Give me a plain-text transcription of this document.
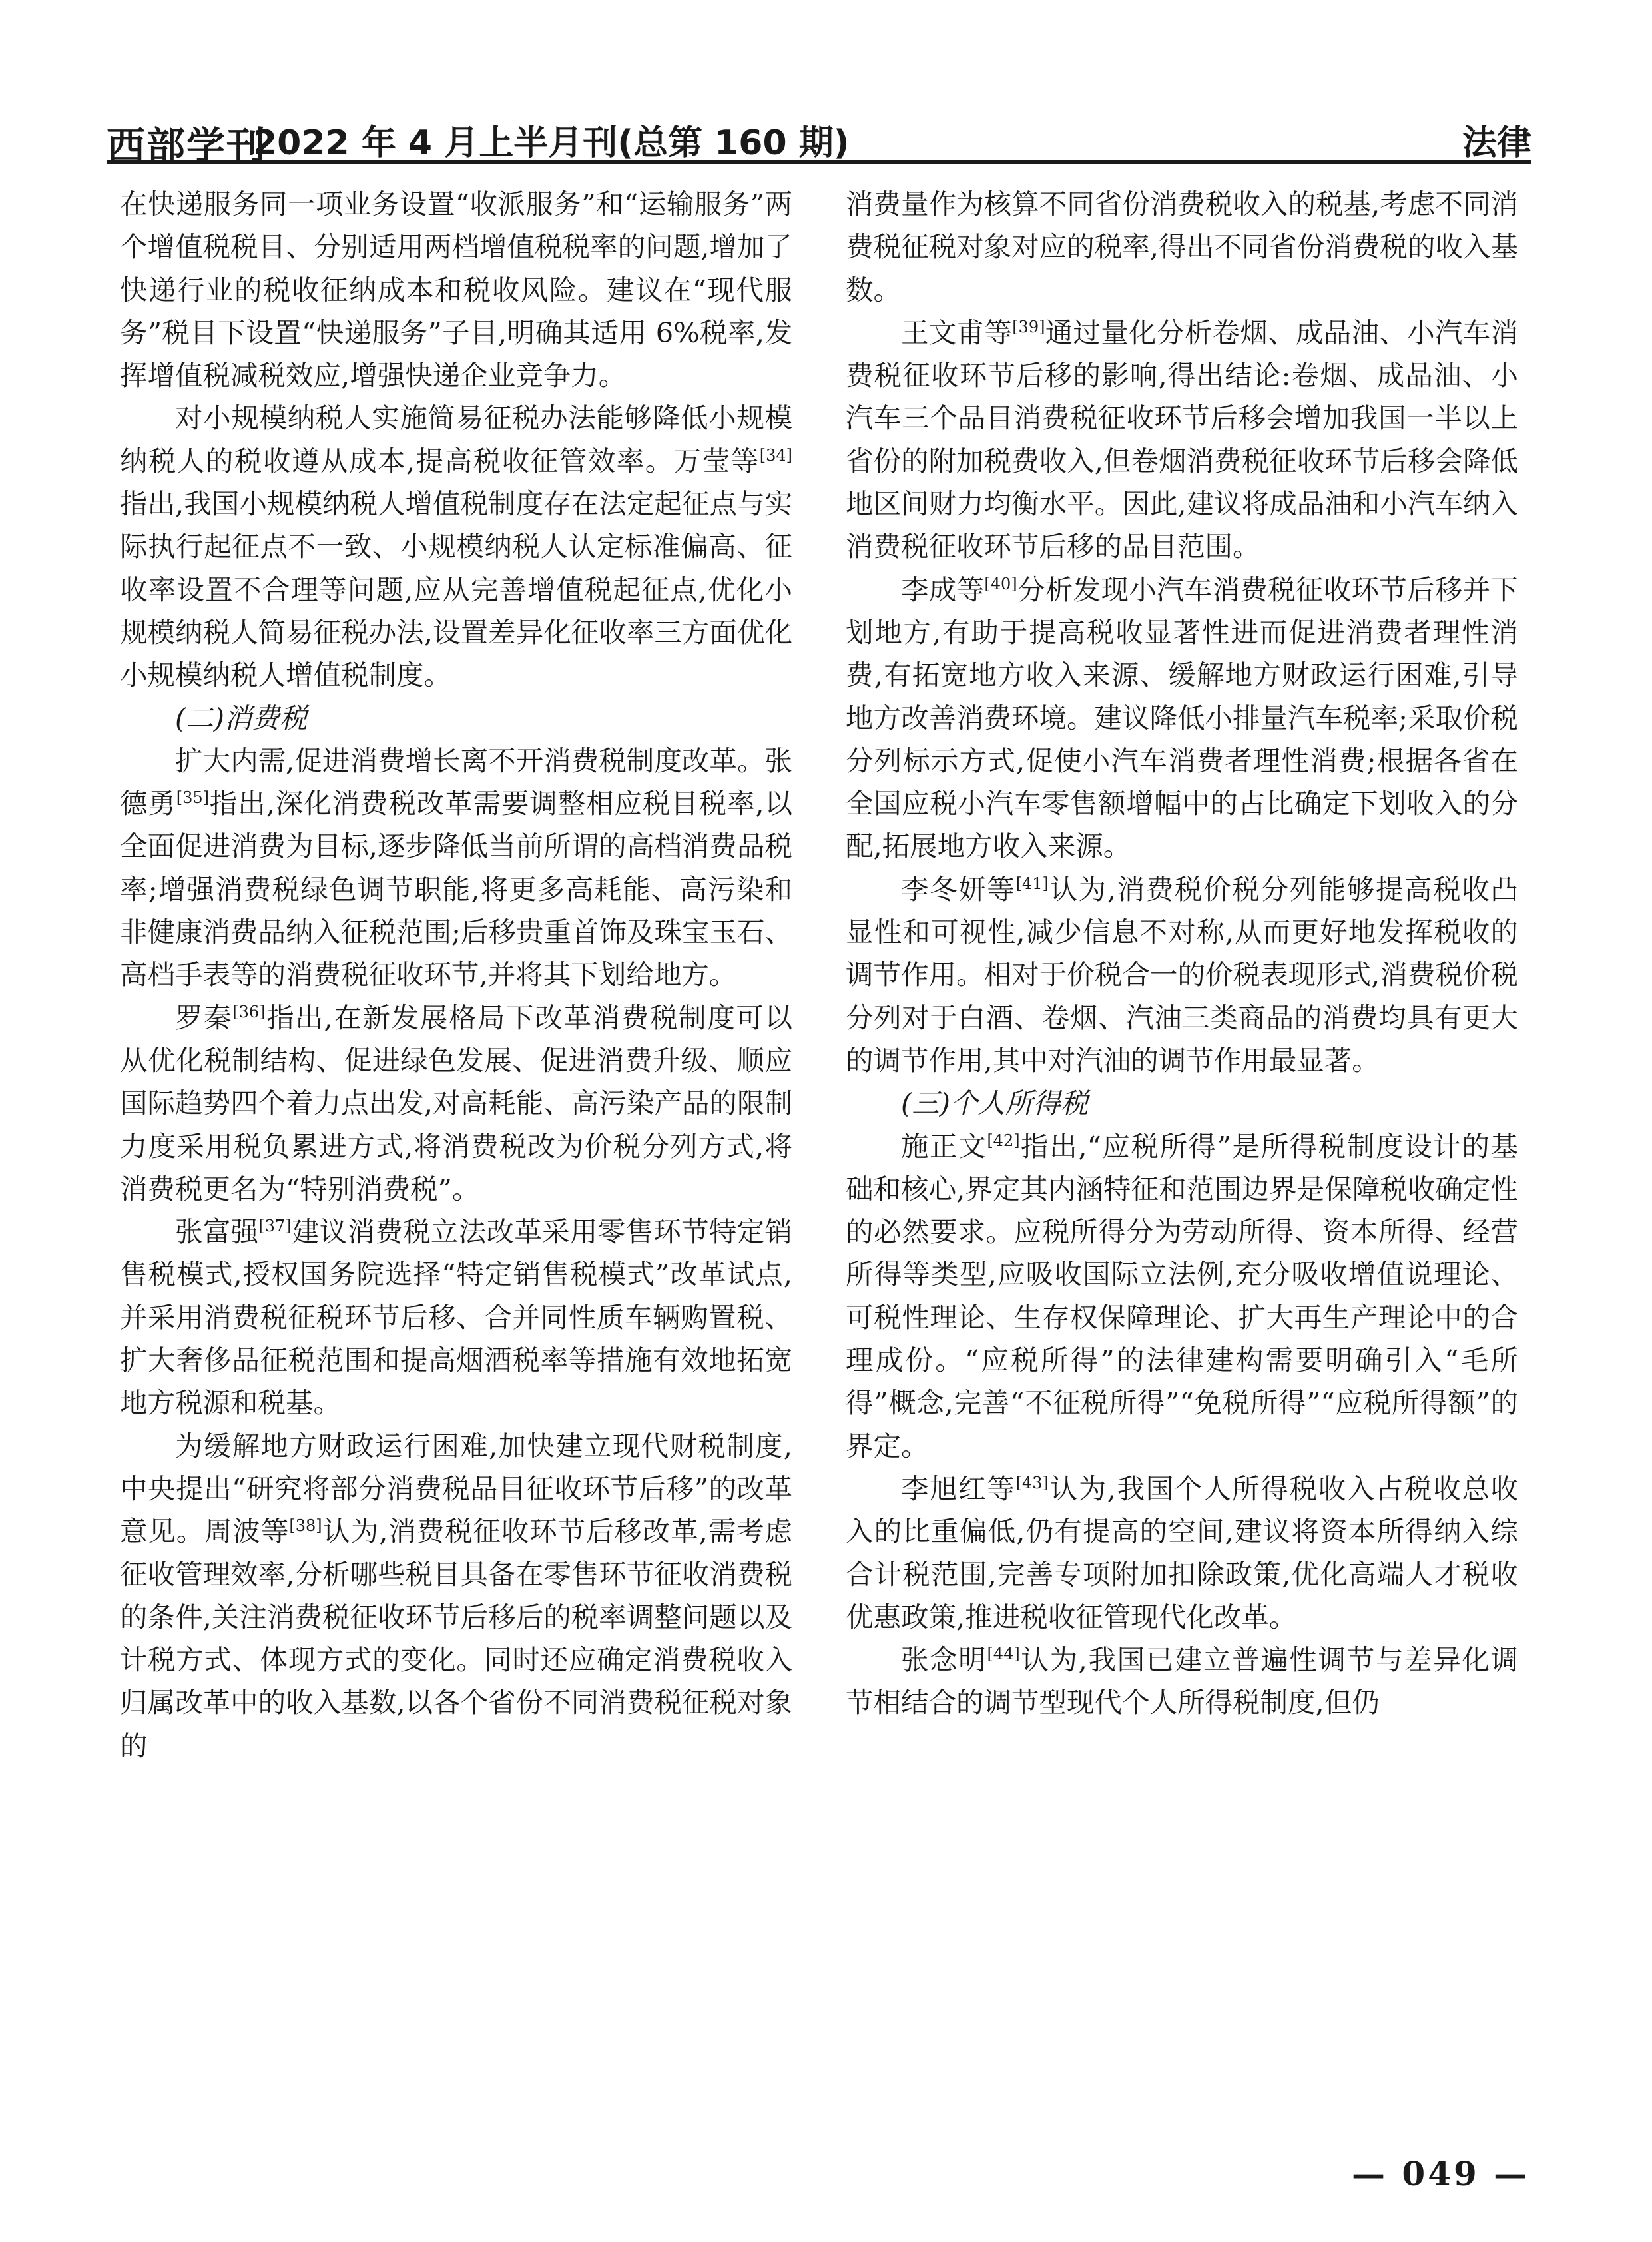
西部学刊
2022 年 4 月上半月刊(总第 160 期)	法律

在快递服务同一项业务设置“收派服务”和“运输服务”两个增值税税目、分别适用两档增值税税率的问题,增加了快递行业的税收征纳成本和税收风险。建议在“现代服务”税目下设置“快递服务”子目,明确其适用 6%税率,发挥增值税减税效应,增强快递企业竞争力。

对小规模纳税人实施简易征税办法能够降低小规模纳税人的税收遵从成本,提高税收征管效率。万莹等[34]指出,我国小规模纳税人增值税制度存在法定起征点与实际执行起征点不一致、小规模纳税人认定标准偏高、征收率设置不合理等问题,应从完善增值税起征点,优化小规模纳税人简易征税办法,设置差异化征收率三方面优化小规模纳税人增值税制度。

(二)消费税

扩大内需,促进消费增长离不开消费税制度改革。张德勇[35]指出,深化消费税改革需要调整相应税目税率,以全面促进消费为目标,逐步降低当前所谓的高档消费品税率;增强消费税绿色调节职能,将更多高耗能、高污染和非健康消费品纳入征税范围;后移贵重首饰及珠宝玉石、高档手表等的消费税征收环节,并将其下划给地方。

罗秦[36]指出,在新发展格局下改革消费税制度可以从优化税制结构、促进绿色发展、促进消费升级、顺应国际趋势四个着力点出发,对高耗能、高污染产品的限制力度采用税负累进方式,将消费税改为价税分列方式,将消费税更名为“特别消费税”。

张富强[37]建议消费税立法改革采用零售环节特定销售税模式,授权国务院选择“特定销售税模式”改革试点,并采用消费税征税环节后移、合并同性质车辆购置税、扩大奢侈品征税范围和提高烟酒税率等措施有效地拓宽地方税源和税基。

为缓解地方财政运行困难,加快建立现代财税制度,中央提出“研究将部分消费税品目征收环节后移”的改革意见。周波等[38]认为,消费税征收环节后移改革,需考虑征收管理效率,分析哪些税目具备在零售环节征收消费税的条件,关注消费税征收环节后移后的税率调整问题以及计税方式、体现方式的变化。同时还应确定消费税收入归属改革中的收入基数,以各个省份不同消费税征税对象的

消费量作为核算不同省份消费税收入的税基,考虑不同消费税征税对象对应的税率,得出不同省份消费税的收入基数。

王文甫等[39]通过量化分析卷烟、成品油、小汽车消费税征收环节后移的影响,得出结论:卷烟、成品油、小汽车三个品目消费税征收环节后移会增加我国一半以上省份的附加税费收入,但卷烟消费税征收环节后移会降低地区间财力均衡水平。因此,建议将成品油和小汽车纳入消费税征收环节后移的品目范围。

李成等[40]分析发现小汽车消费税征收环节后移并下划地方,有助于提高税收显著性进而促进消费者理性消费,有拓宽地方收入来源、缓解地方财政运行困难,引导地方改善消费环境。建议降低小排量汽车税率;采取价税分列标示方式,促使小汽车消费者理性消费;根据各省在全国应税小汽车零售额增幅中的占比确定下划收入的分配,拓展地方收入来源。

李冬妍等[41]认为,消费税价税分列能够提高税收凸显性和可视性,减少信息不对称,从而更好地发挥税收的调节作用。相对于价税合一的价税表现形式,消费税价税分列对于白酒、卷烟、汽油三类商品的消费均具有更大的调节作用,其中对汽油的调节作用最显著。

(三)个人所得税

施正文[42]指出,“应税所得”是所得税制度设计的基础和核心,界定其内涵特征和范围边界是保障税收确定性的必然要求。应税所得分为劳动所得、资本所得、经营所得等类型,应吸收国际立法例,充分吸收增值说理论、可税性理论、生存权保障理论、扩大再生产理论中的合理成份。“应税所得”的法律建构需要明确引入“毛所得”概念,完善“不征税所得”“免税所得”“应税所得额”的界定。

李旭红等[43]认为,我国个人所得税收入占税收总收入的比重偏低,仍有提高的空间,建议将资本所得纳入综合计税范围,完善专项附加扣除政策,优化高端人才税收优惠政策,推进税收征管现代化改革。

张念明[44]认为,我国已建立普遍性调节与差异化调节相结合的调节型现代个人所得税制度,但仍

— 049 —
